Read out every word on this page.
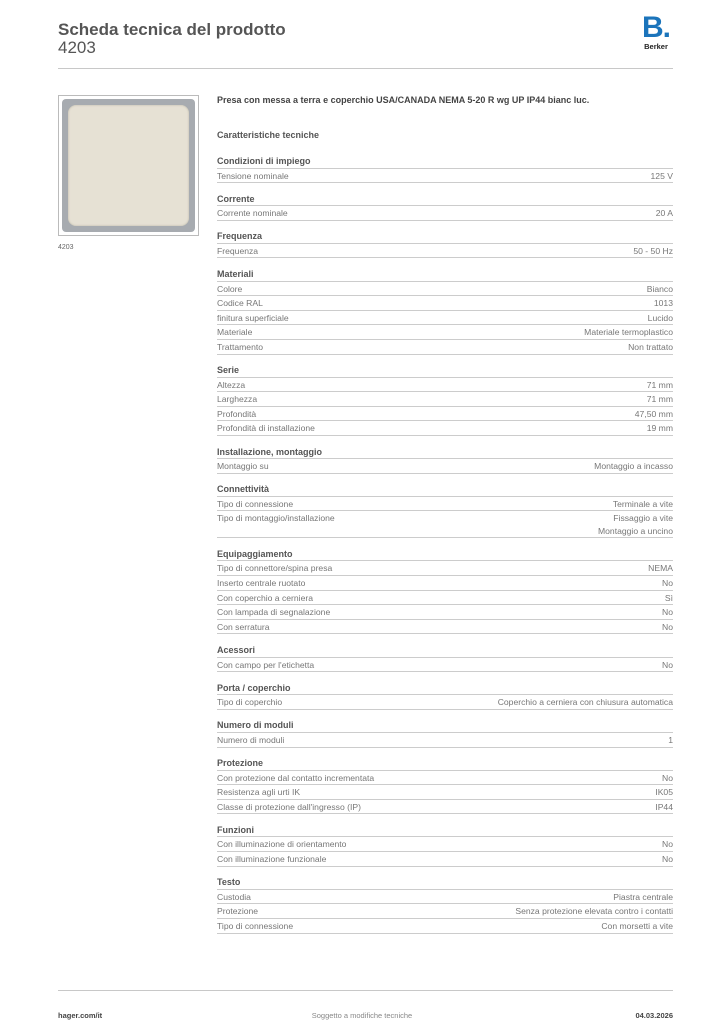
Scheda tecnica del prodotto
4203
B.
Berker
4203
Presa con messa a terra e coperchio USA/CANADA NEMA 5-20 R wg UP IP44 bianc luc.
Caratteristiche tecniche
Condizioni di impiego
Tensione nominale	125 V
Corrente
Corrente nominale	20 A
Frequenza
Frequenza	50 - 50 Hz
Materiali
Colore	Bianco
Codice RAL	1013
finitura superficiale	Lucido
Materiale	Materiale termoplastico
Trattamento	Non trattato
Serie
Altezza	71 mm
Larghezza	71 mm
Profondità	47,50 mm
Profondità di installazione	19 mm
Installazione, montaggio
Montaggio su	Montaggio a incasso
Connettività
Tipo di connessione	Terminale a vite
Tipo di montaggio/installazione	Fissaggio a vite
Montaggio a uncino
Equipaggiamento
Tipo di connettore/spina presa	NEMA
Inserto centrale ruotato	No
Con coperchio a cerniera	Sì
Con lampada di segnalazione	No
Con serratura	No
Acessori
Con campo per l'etichetta	No
Porta / coperchio
Tipo di coperchio	Coperchio a cerniera con chiusura automatica
Numero di moduli
Numero di moduli	1
Protezione
Con protezione dal contatto incrementata	No
Resistenza agli urti IK	IK05
Classe di protezione dall'ingresso (IP)	IP44
Funzioni
Con illuminazione di orientamento	No
Con illuminazione funzionale	No
Testo
Custodia	Piastra centrale
Protezione	Senza protezione elevata contro i contatti
Tipo di connessione	Con morsetti a vite
hager.com/it	Soggetto a modifiche tecniche	04.03.2026
